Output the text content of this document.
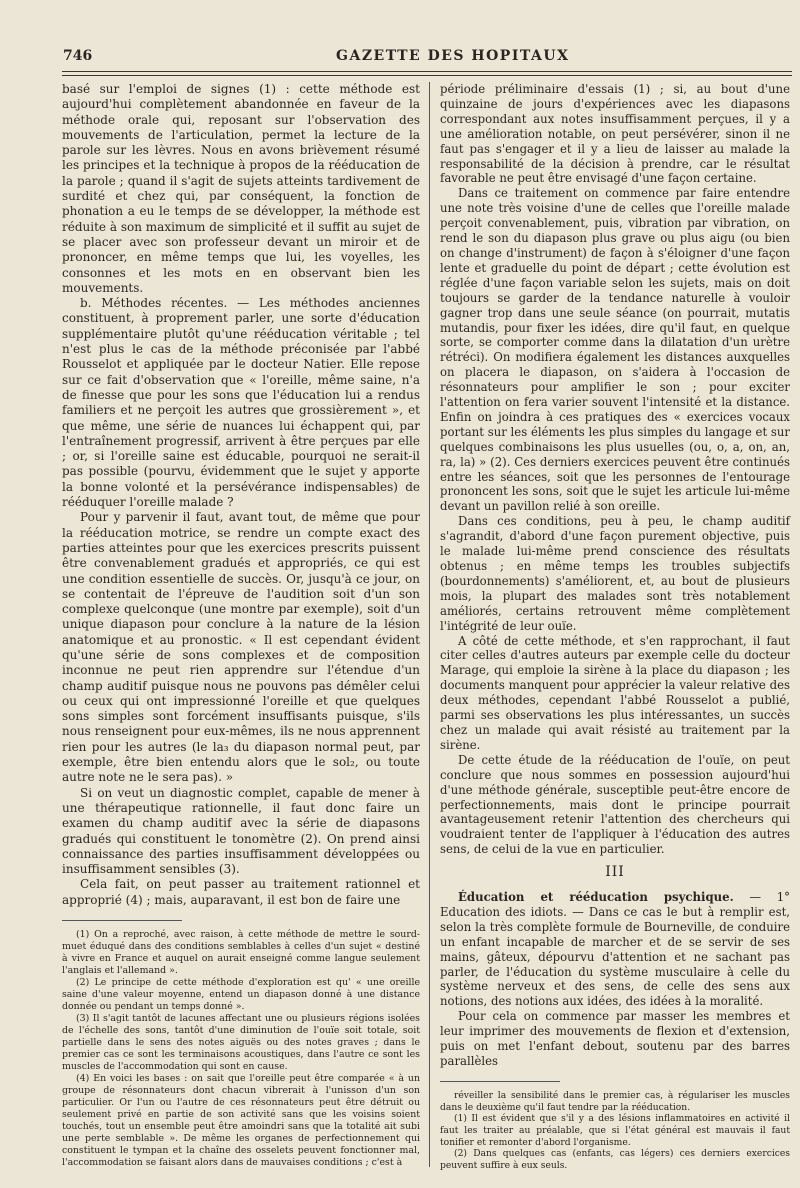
746	GAZETTE DES HOPITAUX

basé sur l'emploi de signes (1) : cette méthode est aujourd'hui complètement abandonnée en faveur de la méthode orale qui, reposant sur l'observation des mouvements de l'articulation, permet la lecture de la parole sur les lèvres. Nous en avons brièvement résumé les principes et la technique à propos de la rééducation de la parole ; quand il s'agit de sujets atteints tardivement de surdité et chez qui, par conséquent, la fonction de phonation a eu le temps de se développer, la méthode est réduite à son maximum de simplicité et il suffit au sujet de se placer avec son professeur devant un miroir et de prononcer, en même temps que lui, les voyelles, les consonnes et les mots en en observant bien les mouvements.

b. Méthodes récentes. — Les méthodes anciennes constituent, à proprement parler, une sorte d'éducation supplémentaire plutôt qu'une rééducation véritable ; tel n'est plus le cas de la méthode préconisée par l'abbé Rousselot et appliquée par le docteur Natier. Elle repose sur ce fait d'observation que « l'oreille, même saine, n'a de finesse que pour les sons que l'éducation lui a rendus familiers et ne perçoit les autres que grossièrement », et que même, une série de nuances lui échappent qui, par l'entraînement progressif, arrivent à être perçues par elle ; or, si l'oreille saine est éducable, pourquoi ne serait-il pas possible (pourvu, évidemment que le sujet y apporte la bonne volonté et la persévérance indispensables) de rééduquer l'oreille malade ?

Pour y parvenir il faut, avant tout, de même que pour la rééducation motrice, se rendre un compte exact des parties atteintes pour que les exercices prescrits puissent être convenablement gradués et appropriés, ce qui est une condition essentielle de succès. Or, jusqu'à ce jour, on se contentait de l'épreuve de l'audition soit d'un son complexe quelconque (une montre par exemple), soit d'un unique diapason pour conclure à la nature de la lésion anatomique et au pronostic. « Il est cependant évident qu'une série de sons complexes et de composition inconnue ne peut rien apprendre sur l'étendue d'un champ auditif puisque nous ne pouvons pas démêler celui ou ceux qui ont impressionné l'oreille et que quelques sons simples sont forcément insuffisants puisque, s'ils nous renseignent pour eux-mêmes, ils ne nous apprennent rien pour les autres (le la₃ du diapason normal peut, par exemple, être bien entendu alors que le sol₂, ou toute autre note ne le sera pas). »

Si on veut un diagnostic complet, capable de mener à une thérapeutique rationnelle, il faut donc faire un examen du champ auditif avec la série de diapasons gradués qui constituent le tonomètre (2). On prend ainsi connaissance des parties insuffisamment développées ou insuffisamment sensibles (3).

Cela fait, on peut passer au traitement rationnel et approprié (4) ; mais, auparavant, il est bon de faire une

(1) On a reproché, avec raison, à cette méthode de mettre le sourd-muet éduqué dans des conditions semblables à celles d'un sujet « destiné à vivre en France et auquel on aurait enseigné comme langue seulement l'anglais et l'allemand ».

(2) Le principe de cette méthode d'exploration est qu' « une oreille saine d'une valeur moyenne, entend un diapason donné à une distance donnée ou pendant un temps donné ».

(3) Il s'agit tantôt de lacunes affectant une ou plusieurs régions isolées de l'échelle des sons, tantôt d'une diminution de l'ouïe soit totale, soit partielle dans le sens des notes aiguës ou des notes graves ; dans le premier cas ce sont les terminaisons acoustiques, dans l'autre ce sont les muscles de l'accommodation qui sont en cause.

(4) En voici les bases : on sait que l'oreille peut être comparée « à un groupe de résonnateurs dont chacun vibrerait à l'unisson d'un son particulier. Or l'un ou l'autre de ces résonnateurs peut être détruit ou seulement privé en partie de son activité sans que les voisins soient touchés, tout un ensemble peut être amoindri sans que la totalité ait subi une perte semblable ». De même les organes de perfectionnement qui constituent le tympan et la chaîne des osselets peuvent fonctionner mal, l'accommodation se faisant alors dans de mauvaises conditions ; c'est à

période préliminaire d'essais (1) ; si, au bout d'une quinzaine de jours d'expériences avec les diapasons correspondant aux notes insuffisamment perçues, il y a une amélioration notable, on peut persévérer, sinon il ne faut pas s'engager et il y a lieu de laisser au malade la responsabilité de la décision à prendre, car le résultat favorable ne peut être envisagé d'une façon certaine.

Dans ce traitement on commence par faire entendre une note très voisine d'une de celles que l'oreille malade perçoit convenablement, puis, vibration par vibration, on rend le son du diapason plus grave ou plus aigu (ou bien on change d'instrument) de façon à s'éloigner d'une façon lente et graduelle du point de départ ; cette évolution est réglée d'une façon variable selon les sujets, mais on doit toujours se garder de la tendance naturelle à vouloir gagner trop dans une seule séance (on pourrait, mutatis mutandis, pour fixer les idées, dire qu'il faut, en quelque sorte, se comporter comme dans la dilatation d'un urètre rétréci). On modifiera également les distances auxquelles on placera le diapason, on s'aidera à l'occasion de résonnateurs pour amplifier le son ; pour exciter l'attention on fera varier souvent l'intensité et la distance. Enfin on joindra à ces pratiques des « exercices vocaux portant sur les éléments les plus simples du langage et sur quelques combinaisons les plus usuelles (ou, o, a, on, an, ra, la) » (2). Ces derniers exercices peuvent être continués entre les séances, soit que les personnes de l'entourage prononcent les sons, soit que le sujet les articule lui-même devant un pavillon relié à son oreille.

Dans ces conditions, peu à peu, le champ auditif s'agrandit, d'abord d'une façon purement objective, puis le malade lui-même prend conscience des résultats obtenus ; en même temps les troubles subjectifs (bourdonnements) s'améliorent, et, au bout de plusieurs mois, la plupart des malades sont très notablement améliorés, certains retrouvent même complètement l'intégrité de leur ouïe.

A côté de cette méthode, et s'en rapprochant, il faut citer celles d'autres auteurs par exemple celle du docteur Marage, qui emploie la sirène à la place du diapason ; les documents manquent pour apprécier la valeur relative des deux méthodes, cependant l'abbé Rousselot a publié, parmi ses observations les plus intéressantes, un succès chez un malade qui avait résisté au traitement par la sirène.

De cette étude de la rééducation de l'ouïe, on peut conclure que nous sommes en possession aujourd'hui d'une méthode générale, susceptible peut-être encore de perfectionnements, mais dont le principe pourrait avantageusement retenir l'attention des chercheurs qui voudraient tenter de l'appliquer à l'éducation des autres sens, de celui de la vue en particulier.

III

Éducation et rééducation psychique. — 1° Education des idiots. — Dans ce cas le but à remplir est, selon la très complète formule de Bourneville, de conduire un enfant incapable de marcher et de se servir de ses mains, gâteux, dépourvu d'attention et ne sachant pas parler, de l'éducation du système musculaire à celle du système nerveux et des sens, de celle des sens aux notions, des notions aux idées, des idées à la moralité.

Pour cela on commence par masser les membres et leur imprimer des mouvements de flexion et d'extension, puis on met l'enfant debout, soutenu par des barres parallèles

réveiller la sensibilité dans le premier cas, à régulariser les muscles dans le deuxième qu'il faut tendre par la rééducation.

(1) Il est évident que s'il y a des lésions inflammatoires en activité il faut les traiter au préalable, que si l'état général est mauvais il faut tonifier et remonter d'abord l'organisme.

(2) Dans quelques cas (enfants, cas légers) ces derniers exercices peuvent suffire à eux seuls.
